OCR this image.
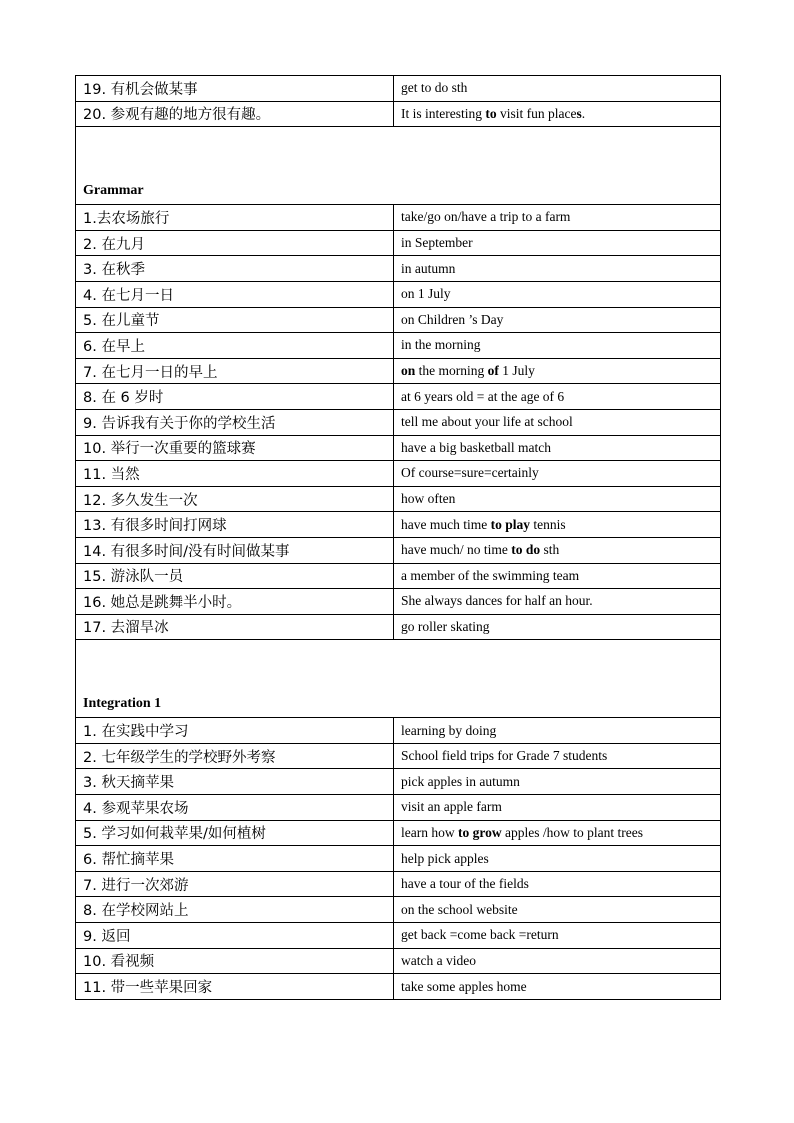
19. 有机会做某事	get to do sth
20. 参观有趣的地方很有趣。	It is interesting to visit fun places.

Grammar	
1.去农场旅行	take/go on/have a trip to a farm
2. 在九月	in September
3. 在秋季	in autumn
4. 在七月一日	on 1 July
5. 在儿童节	on Children ’s Day
6. 在早上	in the morning
7. 在七月一日的早上	on the morning of 1 July
8. 在 6 岁时	at 6 years old = at the age of 6
9. 告诉我有关于你的学校生活	tell me about your life at school
10. 举行一次重要的篮球赛	have a big basketball match
11. 当然	Of course=sure=certainly
12. 多久发生一次	how often
13. 有很多时间打网球	have much time to play tennis
14. 有很多时间/没有时间做某事	have much/ no time to do sth
15. 游泳队一员	a member of the swimming team
16. 她总是跳舞半小时。	She always dances for half an hour.
17. 去溜旱冰	go roller skating

Integration 1	
1. 在实践中学习	learning by doing
2. 七年级学生的学校野外考察	School field trips for Grade 7 students
3. 秋天摘苹果	pick apples in autumn
4. 参观苹果农场	visit an apple farm
5. 学习如何栽苹果/如何植树	learn how to grow apples /how to plant trees
6. 帮忙摘苹果	help pick apples
7. 进行一次郊游	have a tour of the fields
8. 在学校网站上	on the school website
9. 返回	get back =come back =return
10. 看视频	watch a video
11. 带一些苹果回家	take some apples home
